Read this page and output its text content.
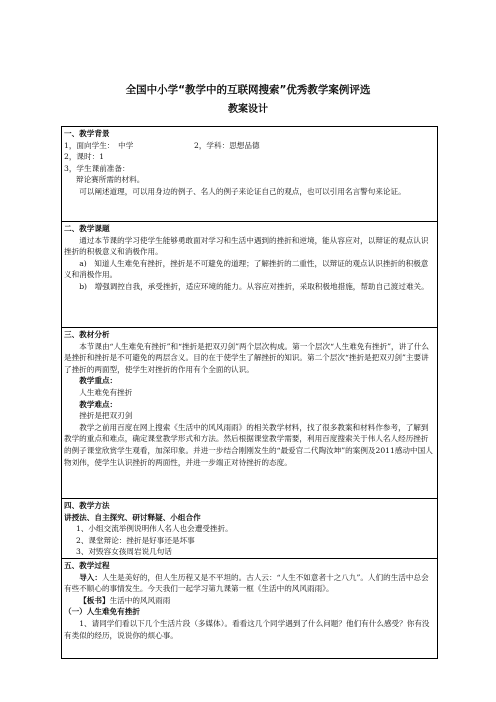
全国中小学“教学中的互联网搜索”优秀教学案例评选
教案设计

一、教学背景

1，面向学生：　中学	2，学科：思想品德

2，课时：1

3，学生课前准备：

辩论赛所需的材料。

可以阐述道理，可以用身边的例子、名人的例子来论证自己的观点，也可以引用名言警句来论证。

二、教学课题

通过本节课的学习使学生能够勇敢面对学习和生活中遇到的挫折和逆境，能从容应对，以辩证的观点认识挫折的积极意义和消极作用。

a)　知道人生难免有挫折，挫折是不可避免的道理；了解挫折的二重性，以辩证的观点认识挫折的积极意义和消极作用。

b)　增强调控自我，承受挫折，适应环境的能力。从容应对挫折，采取积极地措施，帮助自己渡过难关。

三、教材分析

本节课由“人生难免有挫折”和“挫折是把双刃剑”两个层次构成。第一个层次“人生难免有挫折”，讲了什么是挫折和挫折是不可避免的两层含义。目的在于使学生了解挫折的知识。第二个层次“挫折是把双刃剑”主要讲了挫折的两面型，使学生对挫折的作用有个全面的认识。

教学重点：

人生难免有挫折

教学难点：

挫折是把双刃剑

教学之前用百度在网上搜索《生活中的风风雨雨》的相关教学材料，找了很多教案和材料作参考，了解到教学的重点和难点，确定课堂教学形式和方法。然后根据课堂教学需要，利用百度搜索关于伟人名人经历挫折的例子课堂欣赏学生观看，加深印象。并进一步结合刚刚发生的“最爱官二代陶汝坤”的案例及2011感动中国人物刘伟，使学生认识挫折的两面性，并进一步端正对待挫折的态度。

四、教学方法

讲授法、自主探究、研讨释疑、小组合作

1、小组交流举例说明伟人名人也会遭受挫折。

2、课堂辩论：挫折是好事还是坏事

3、对毁容女孩周岩说几句话

五、教学过程

导入：人生是美好的，但人生历程又是不平坦的。古人云：“人生不如意者十之八九”。人们的生活中总会有些不顺心的事情发生。今天我们一起学习第九课第一框《生活中的风风雨雨》。

【板书】生活中的风风雨雨

（一）人生难免有挫折

1、请同学们看以下几个生活片段（多媒体）。看看这几个同学遇到了什么问题？他们有什么感受？你有没有类似的经历，说说你的烦心事。
